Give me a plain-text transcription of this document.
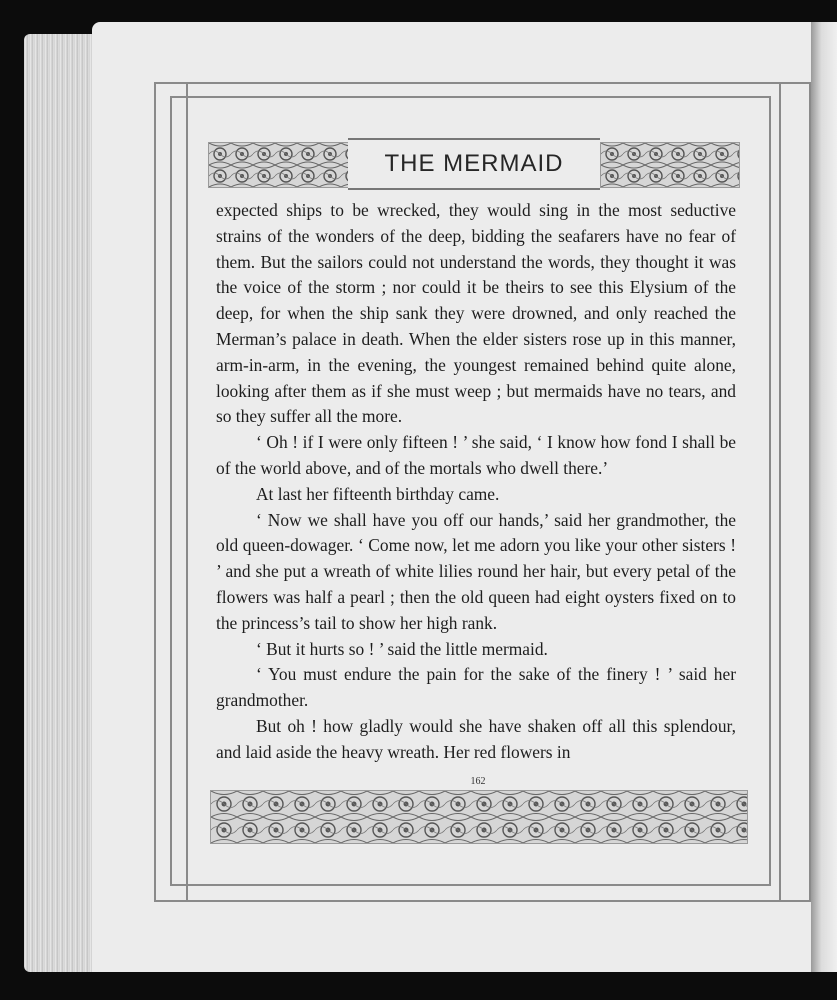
THE MERMAID

expected ships to be wrecked, they would sing in the most seductive strains of the wonders of the deep, bidding the seafarers have no fear of them. But the sailors could not understand the words, they thought it was the voice of the storm ; nor could it be theirs to see this Elysium of the deep, for when the ship sank they were drowned, and only reached the Merman’s palace in death. When the elder sisters rose up in this manner, arm-in-arm, in the evening, the youngest remained behind quite alone, looking after them as if she must weep ; but mermaids have no tears, and so they suffer all the more.

‘ Oh ! if I were only fifteen ! ’ she said, ‘ I know how fond I shall be of the world above, and of the mortals who dwell there.’

At last her fifteenth birthday came.

‘ Now we shall have you off our hands,’ said her grandmother, the old queen-dowager. ‘ Come now, let me adorn you like your other sisters ! ’ and she put a wreath of white lilies round her hair, but every petal of the flowers was half a pearl ; then the old queen had eight oysters fixed on to the princess’s tail to show her high rank.

‘ But it hurts so ! ’ said the little mermaid.

‘ You must endure the pain for the sake of the finery ! ’ said her grandmother.

But oh ! how gladly would she have shaken off all this splendour, and laid aside the heavy wreath. Her red flowers in

162
